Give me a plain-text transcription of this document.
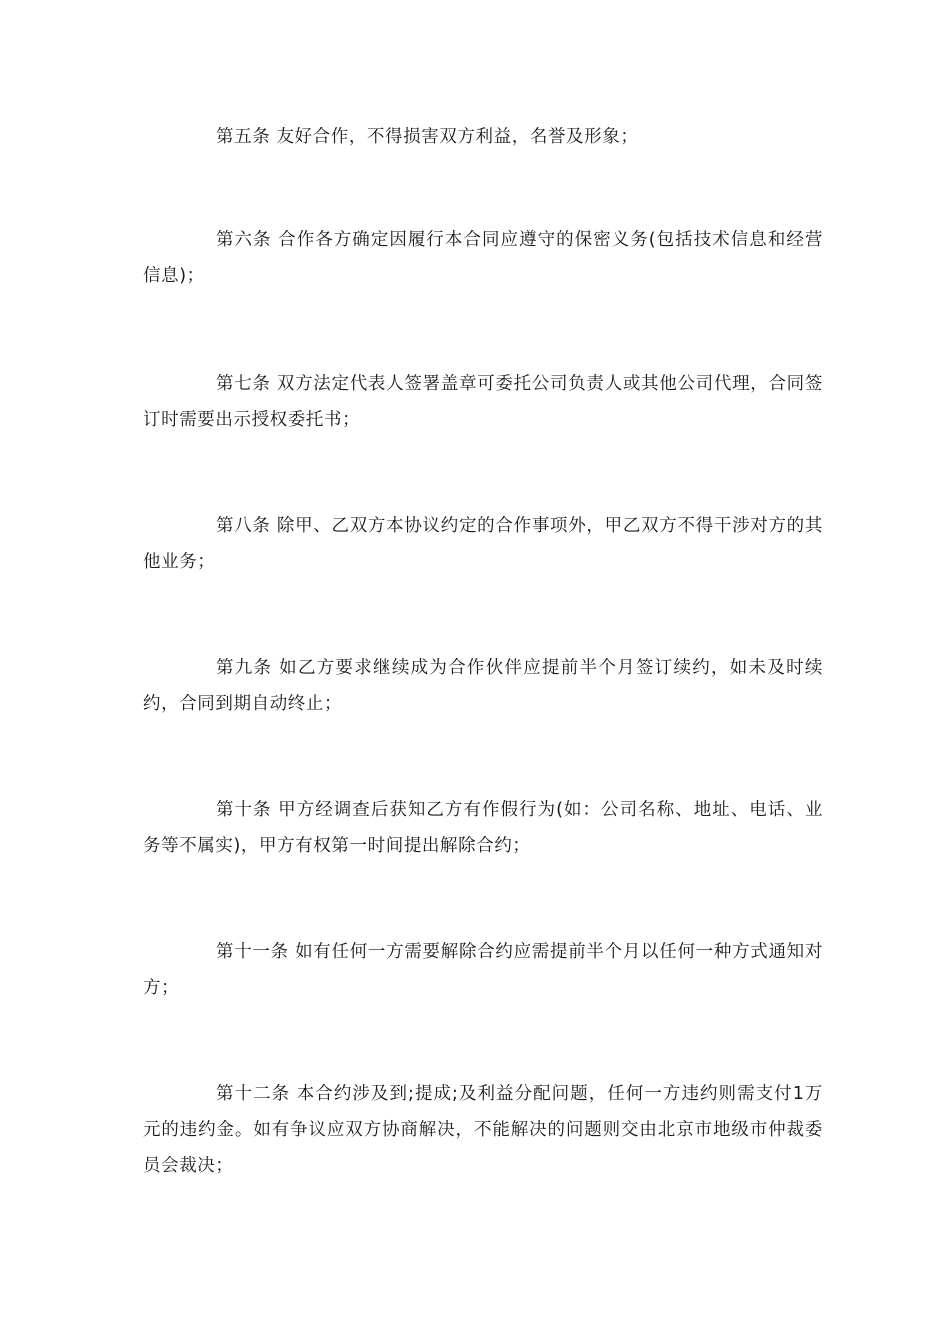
第五条 友好合作，不得损害双方利益，名誉及形象；

第六条 合作各方确定因履行本合同应遵守的保密义务(包括技术信息和经营信息)；

第七条 双方法定代表人签署盖章可委托公司负责人或其他公司代理，合同签订时需要出示授权委托书；

第八条 除甲、乙双方本协议约定的合作事项外，甲乙双方不得干涉对方的其他业务；

第九条 如乙方要求继续成为合作伙伴应提前半个月签订续约，如未及时续约，合同到期自动终止；

第十条 甲方经调查后获知乙方有作假行为(如：公司名称、地址、电话、业务等不属实)，甲方有权第一时间提出解除合约；

第十一条 如有任何一方需要解除合约应需提前半个月以任何一种方式通知对方；

第十二条 本合约涉及到;提成;及利益分配问题，任何一方违约则需支付1万元的违约金。如有争议应双方协商解决，不能解决的问题则交由北京市地级市仲裁委员会裁决；
